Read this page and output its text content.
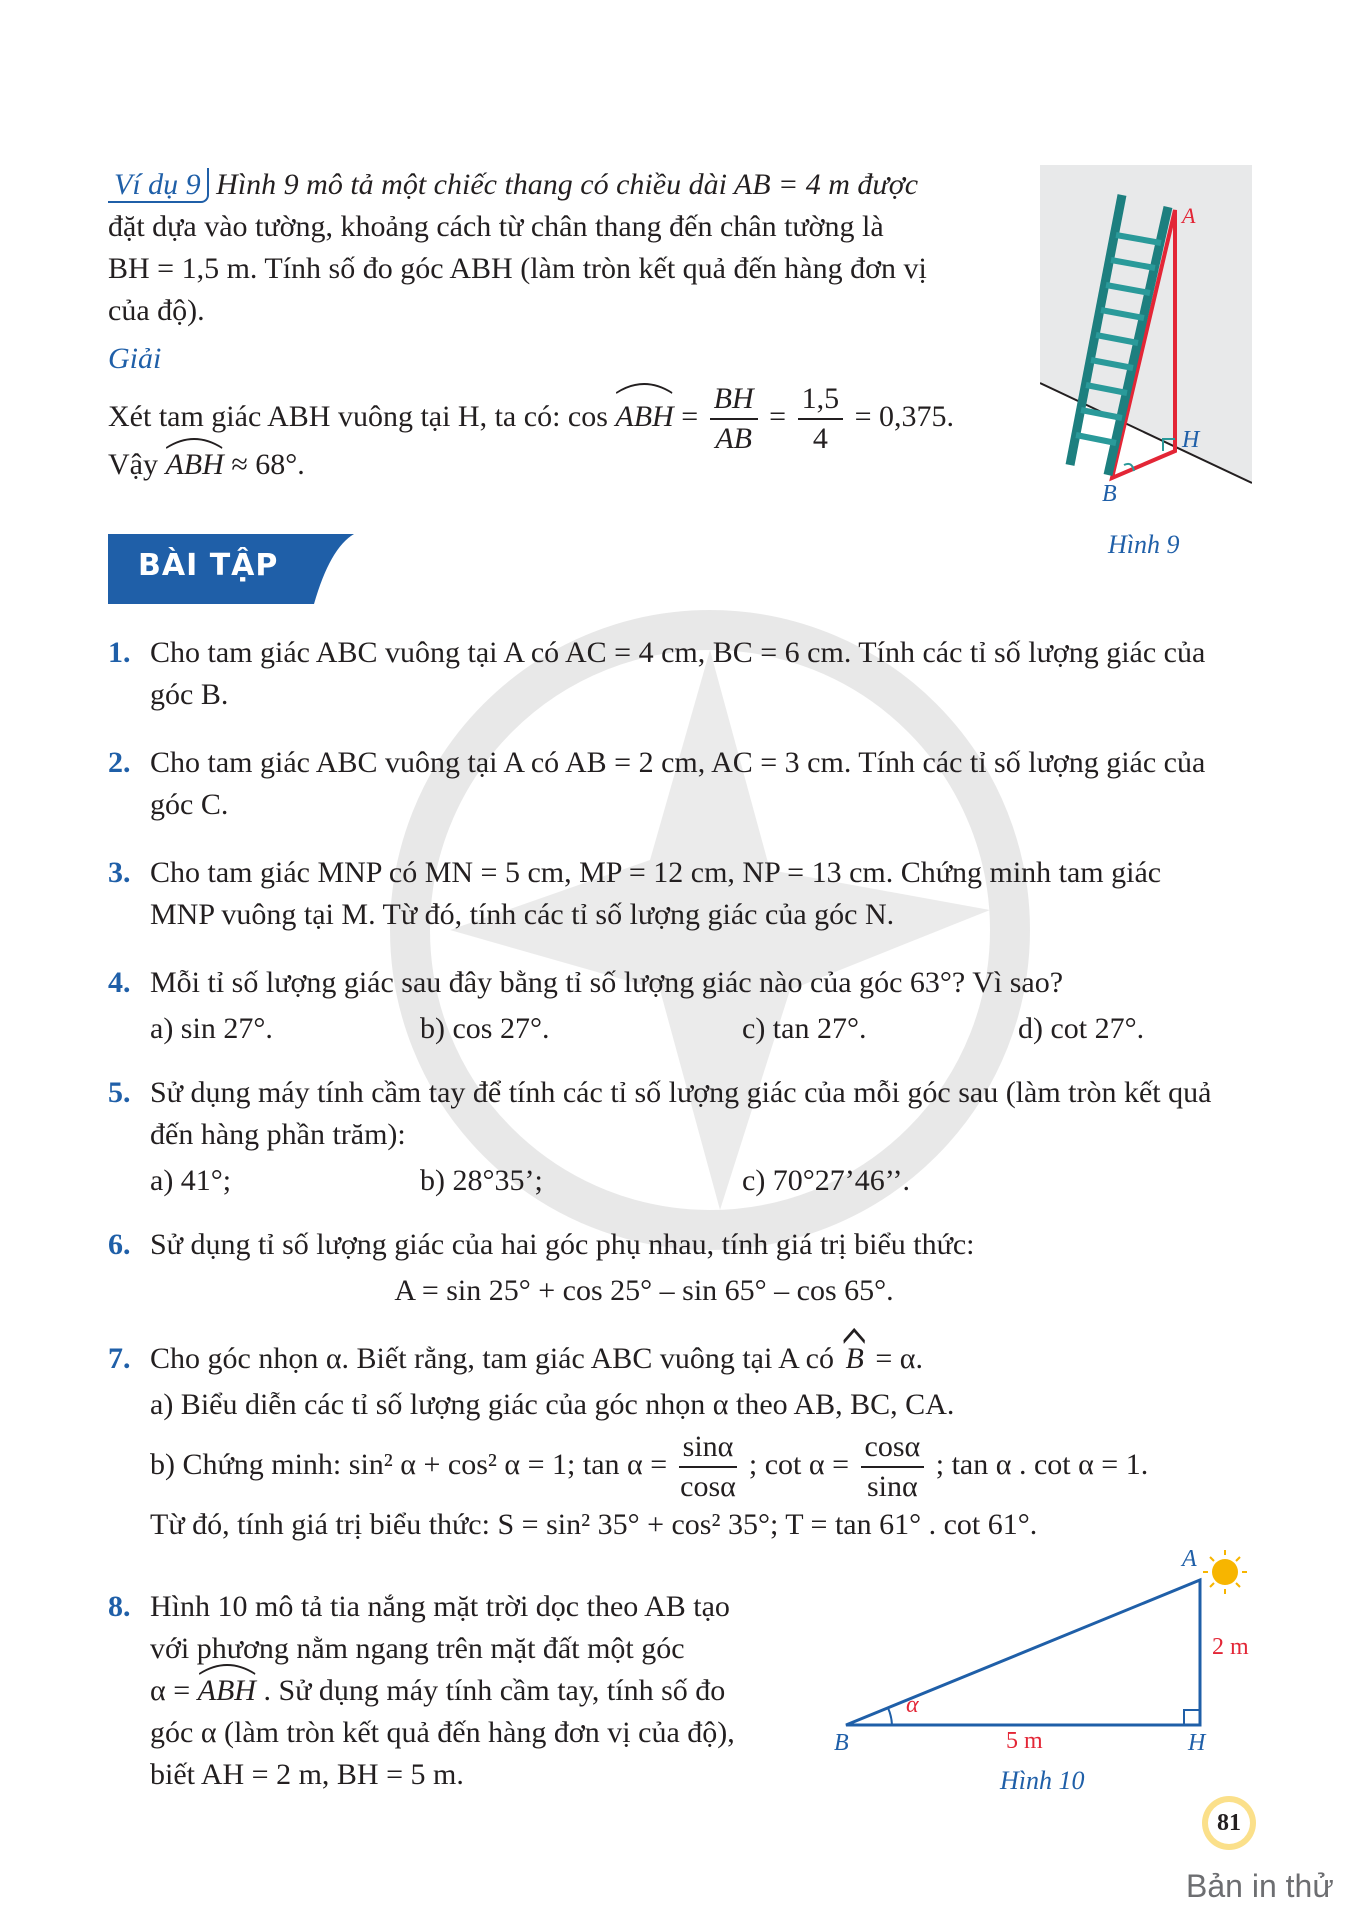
Ví dụ 9 Hình 9 mô tả một chiếc thang có chiều dài AB = 4 m được
đặt dựa vào tường, khoảng cách từ chân thang đến chân tường là
BH = 1,5 m. Tính số đo góc ABH (làm tròn kết quả đến hàng đơn vị
của độ).
Giải
Xét tam giác ABH vuông tại H, ta có: cos ABH = $\frac{BH}{AB} = \frac{1,5}{4} = 0,375$.
Vậy ABH ≈ 68°.
A
H
B
Hình 9
BÀI TẬP
1. Cho tam giác ABC vuông tại A có AC = 4 cm, BC = 6 cm. Tính các tỉ số lượng giác của
góc B.
2. Cho tam giác ABC vuông tại A có AB = 2 cm, AC = 3 cm. Tính các tỉ số lượng giác của
góc C.
3. Cho tam giác MNP có MN = 5 cm, MP = 12 cm, NP = 13 cm. Chứng minh tam giác
MNP vuông tại M. Từ đó, tính các tỉ số lượng giác của góc N.
4. Mỗi tỉ số lượng giác sau đây bằng tỉ số lượng giác nào của góc 63°? Vì sao?
a) sin 27°.	b) cos 27°.	c) tan 27°.	d) cot 27°.
5. Sử dụng máy tính cầm tay để tính các tỉ số lượng giác của mỗi góc sau (làm tròn kết quả
đến hàng phần trăm):
a) 41°;	b) 28°35’;	c) 70°27’46’’.
6. Sử dụng tỉ số lượng giác của hai góc phụ nhau, tính giá trị biểu thức:
A = sin 25° + cos 25° – sin 65° – cos 65°.
7. Cho góc nhọn α. Biết rằng, tam giác ABC vuông tại A có B = α.
a) Biểu diễn các tỉ số lượng giác của góc nhọn α theo AB, BC, CA.
b) Chứng minh: sin² α + cos² α = 1; $\tan \alpha = \frac{\sin\alpha}{\cos\alpha}$ ; $\cot \alpha = \frac{\cos\alpha}{\sin\alpha}$ ; tan α . cot α = 1.
Từ đó, tính giá trị biểu thức: S = sin² 35° + cos² 35°; T = tan 61° . cot 61°.
8. Hình 10 mô tả tia nắng mặt trời dọc theo AB tạo
với phương nằm ngang trên mặt đất một góc
α = ABH . Sử dụng máy tính cầm tay, tính số đo
góc α (làm tròn kết quả đến hàng đơn vị của độ),
biết AH = 2 m, BH = 5 m.
A
B	H
α
2 m
5 m
Hình 10
81
Bản in thử
